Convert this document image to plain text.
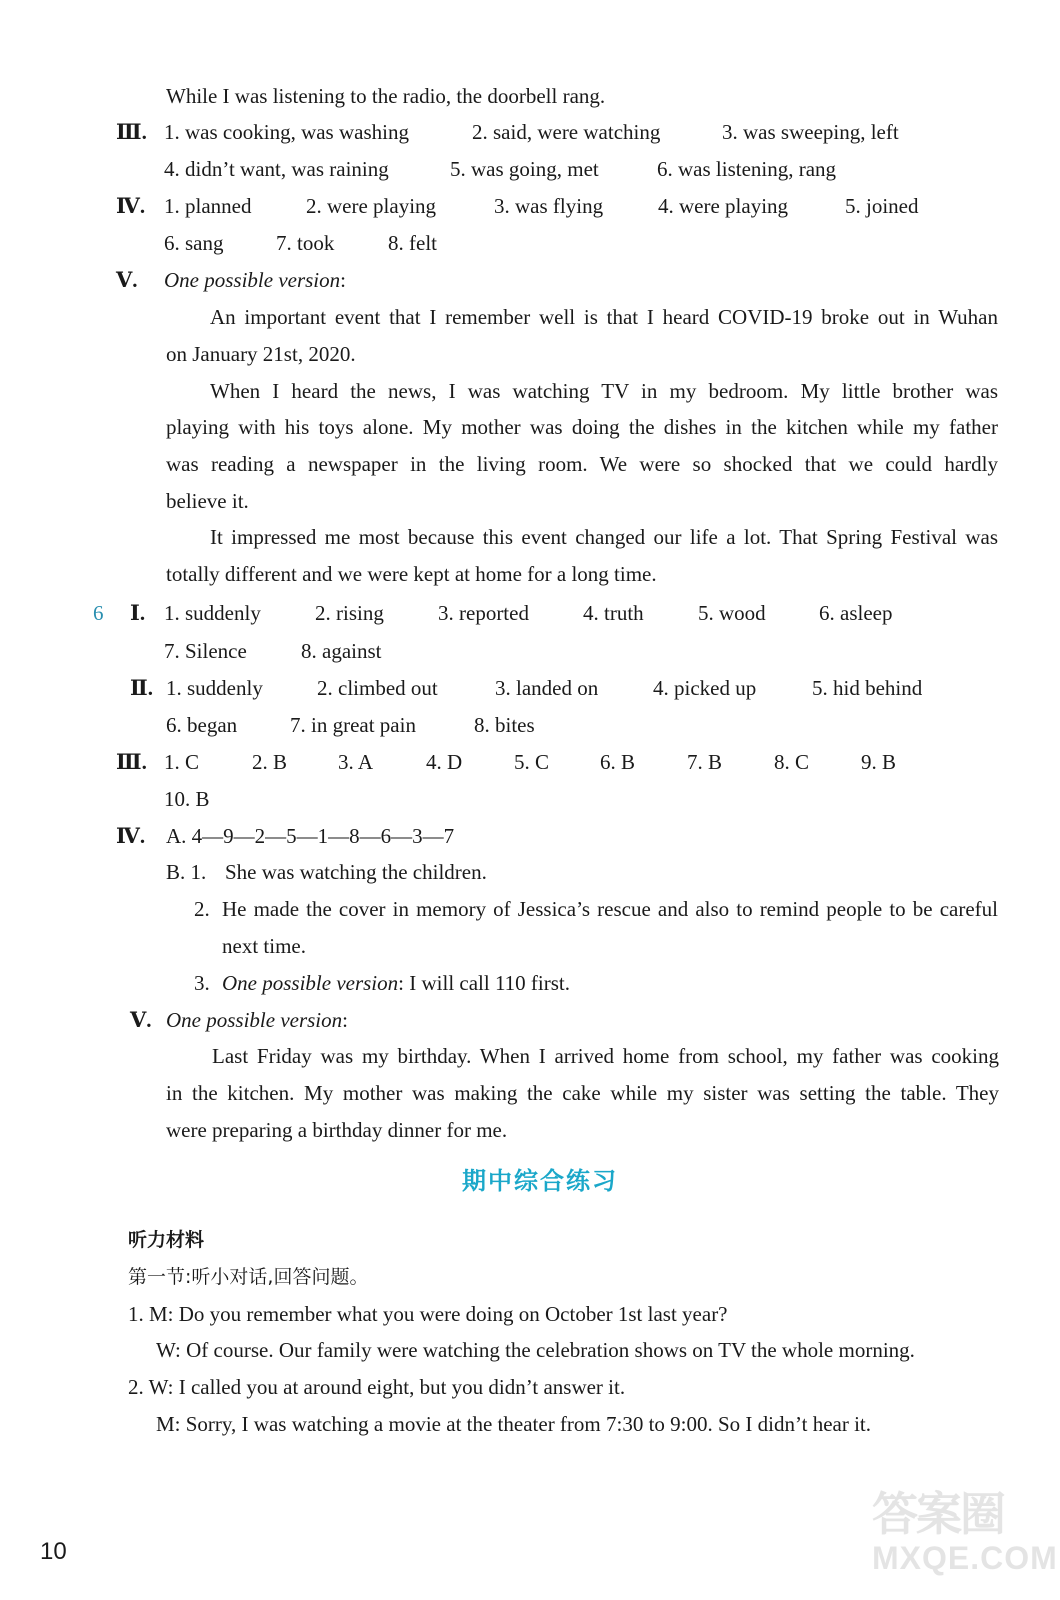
While I was listening to the radio, the doorbell rang.
Ⅲ. 1. was cooking, was washing	2. said, were watching	3. was sweeping, left
4. didn’t want, was raining	5. was going, met	6. was listening, rang
Ⅳ. 1. planned	2. were playing	3. was flying	4. were playing	5. joined
6. sang	7. took	8. felt
Ⅴ. One possible version:
An important event that I remember well is that I heard COVID-19 broke out in Wuhan
on January 21st, 2020.
When I heard the news, I was watching TV in my bedroom. My little brother was
playing with his toys alone. My mother was doing the dishes in the kitchen while my father
was reading a newspaper in the living room. We were so shocked that we could hardly
believe it.
It impressed me most because this event changed our life a lot. That Spring Festival was
totally different and we were kept at home for a long time.
6 Ⅰ. 1. suddenly	2. rising	3. reported	4. truth	5. wood	6. asleep
7. Silence	8. against
Ⅱ. 1. suddenly	2. climbed out	3. landed on	4. picked up	5. hid behind
6. began	7. in great pain	8. bites
Ⅲ. 1. C	2. B 3. A	4. D 5. C 6. B 7. B 8. C 9. B
10. B
Ⅳ. A. 4—9—2—5—1—8—6—3—7
B. 1. She was watching the children.
2. He made the cover in memory of Jessica’s rescue and also to remind people to be careful
next time.
3. One possible version: I will call 110 first.
Ⅴ. One possible version:
Last Friday was my birthday. When I arrived home from school, my father was cooking
in the kitchen. My mother was making the cake while my sister was setting the table. They
were preparing a birthday dinner for me.
期中综合练习
听力材料
第一节:听小对话,回答问题。
1. M: Do you remember what you were doing on October 1st last year?
W: Of course. Our family were watching the celebration shows on TV the whole morning.
2. W: I called you at around eight, but you didn’t answer it.
M: Sorry, I was watching a movie at the theater from 7:30 to 9:00. So I didn’t hear it.
10
答案圈
MXQE.COM
